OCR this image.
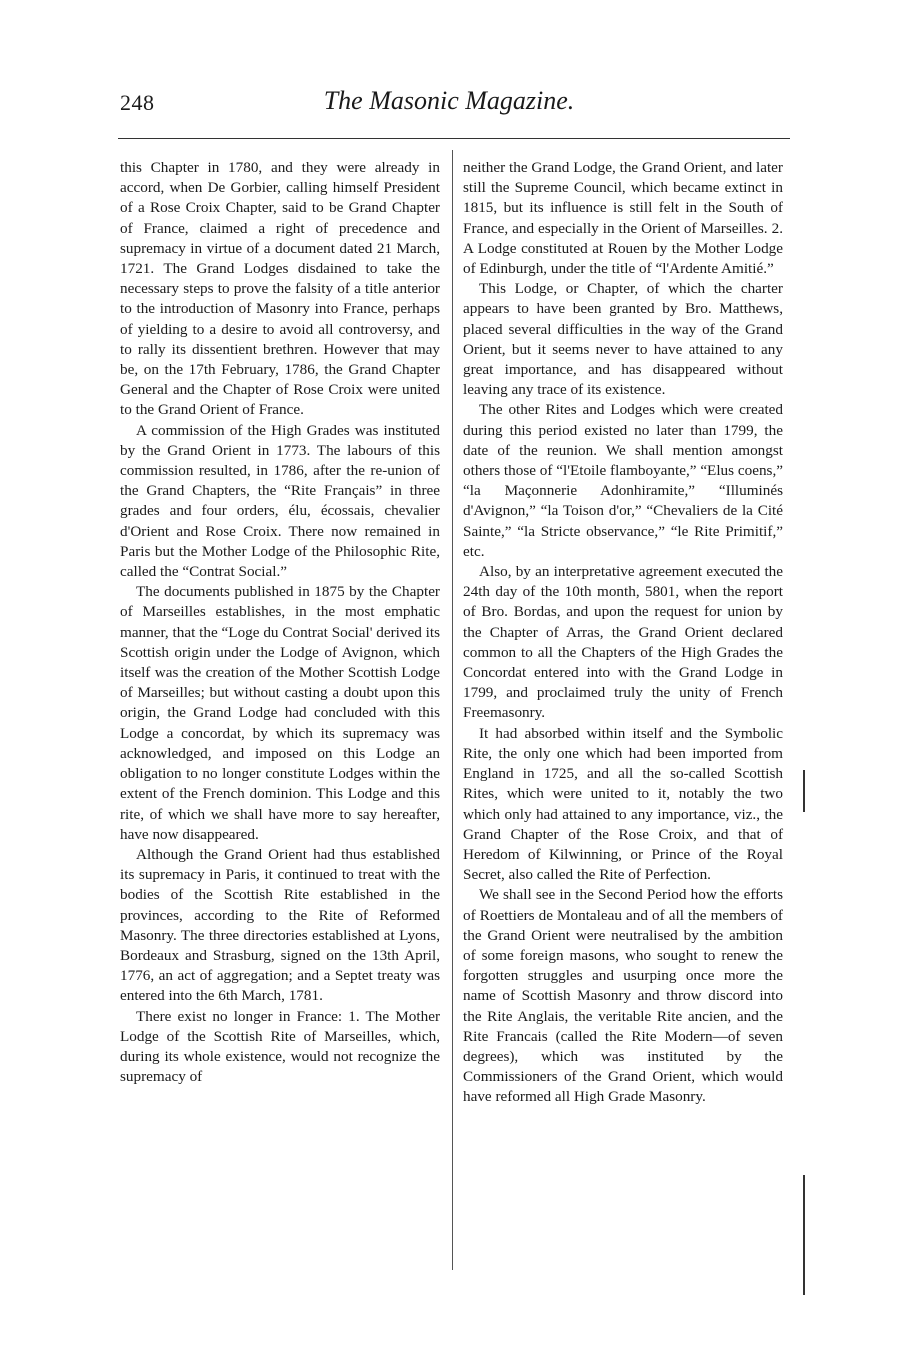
248	The Masonic Magazine.

this Chapter in 1780, and they were already in accord, when De Gorbier, calling himself President of a Rose Croix Chapter, said to be Grand Chapter of France, claimed a right of precedence and supremacy in virtue of a document dated 21 March, 1721. The Grand Lodges disdained to take the necessary steps to prove the falsity of a title anterior to the introduction of Masonry into France, perhaps of yielding to a desire to avoid all controversy, and to rally its dissentient brethren. However that may be, on the 17th February, 1786, the Grand Chapter General and the Chapter of Rose Croix were united to the Grand Orient of France.

A commission of the High Grades was instituted by the Grand Orient in 1773. The labours of this commission resulted, in 1786, after the re-union of the Grand Chapters, the “Rite Français” in three grades and four orders, élu, écossais, chevalier d'Orient and Rose Croix. There now remained in Paris but the Mother Lodge of the Philosophic Rite, called the “Contrat Social.”

The documents published in 1875 by the Chapter of Marseilles establishes, in the most emphatic manner, that the “Loge du Contrat Social' derived its Scottish origin under the Lodge of Avignon, which itself was the creation of the Mother Scottish Lodge of Marseilles; but without casting a doubt upon this origin, the Grand Lodge had concluded with this Lodge a concordat, by which its supremacy was acknowledged, and imposed on this Lodge an obligation to no longer constitute Lodges within the extent of the French dominion. This Lodge and this rite, of which we shall have more to say hereafter, have now disappeared.

Although the Grand Orient had thus established its supremacy in Paris, it continued to treat with the bodies of the Scottish Rite established in the provinces, according to the Rite of Reformed Masonry. The three directories established at Lyons, Bordeaux and Strasburg, signed on the 13th April, 1776, an act of aggregation; and a Septet treaty was entered into the 6th March, 1781.

There exist no longer in France: 1. The Mother Lodge of the Scottish Rite of Marseilles, which, during its whole existence, would not recognize the supremacy of

neither the Grand Lodge, the Grand Orient, and later still the Supreme Council, which became extinct in 1815, but its influence is still felt in the South of France, and especially in the Orient of Marseilles. 2. A Lodge constituted at Rouen by the Mother Lodge of Edinburgh, under the title of “l'Ardente Amitié.”

This Lodge, or Chapter, of which the charter appears to have been granted by Bro. Matthews, placed several difficulties in the way of the Grand Orient, but it seems never to have attained to any great importance, and has disappeared without leaving any trace of its existence.

The other Rites and Lodges which were created during this period existed no later than 1799, the date of the reunion. We shall mention amongst others those of “l'Etoile flamboyante,” “Elus coens,” “la Maçonnerie Adonhiramite,” “Illuminés d'Avignon,” “la Toison d'or,” “Chevaliers de la Cité Sainte,” “la Stricte observance,” “le Rite Primitif,” etc.

Also, by an interpretative agreement executed the 24th day of the 10th month, 5801, when the report of Bro. Bordas, and upon the request for union by the Chapter of Arras, the Grand Orient declared common to all the Chapters of the High Grades the Concordat entered into with the Grand Lodge in 1799, and proclaimed truly the unity of French Freemasonry.

It had absorbed within itself and the Symbolic Rite, the only one which had been imported from England in 1725, and all the so-called Scottish Rites, which were united to it, notably the two which only had attained to any importance, viz., the Grand Chapter of the Rose Croix, and that of Heredom of Kilwinning, or Prince of the Royal Secret, also called the Rite of Perfection.

We shall see in the Second Period how the efforts of Roettiers de Montaleau and of all the members of the Grand Orient were neutralised by the ambition of some foreign masons, who sought to renew the forgotten struggles and usurping once more the name of Scottish Masonry and throw discord into the Rite Anglais, the veritable Rite ancien, and the Rite Francais (called the Rite Modern—of seven degrees), which was instituted by the Commissioners of the Grand Orient, which would have reformed all High Grade Masonry.
